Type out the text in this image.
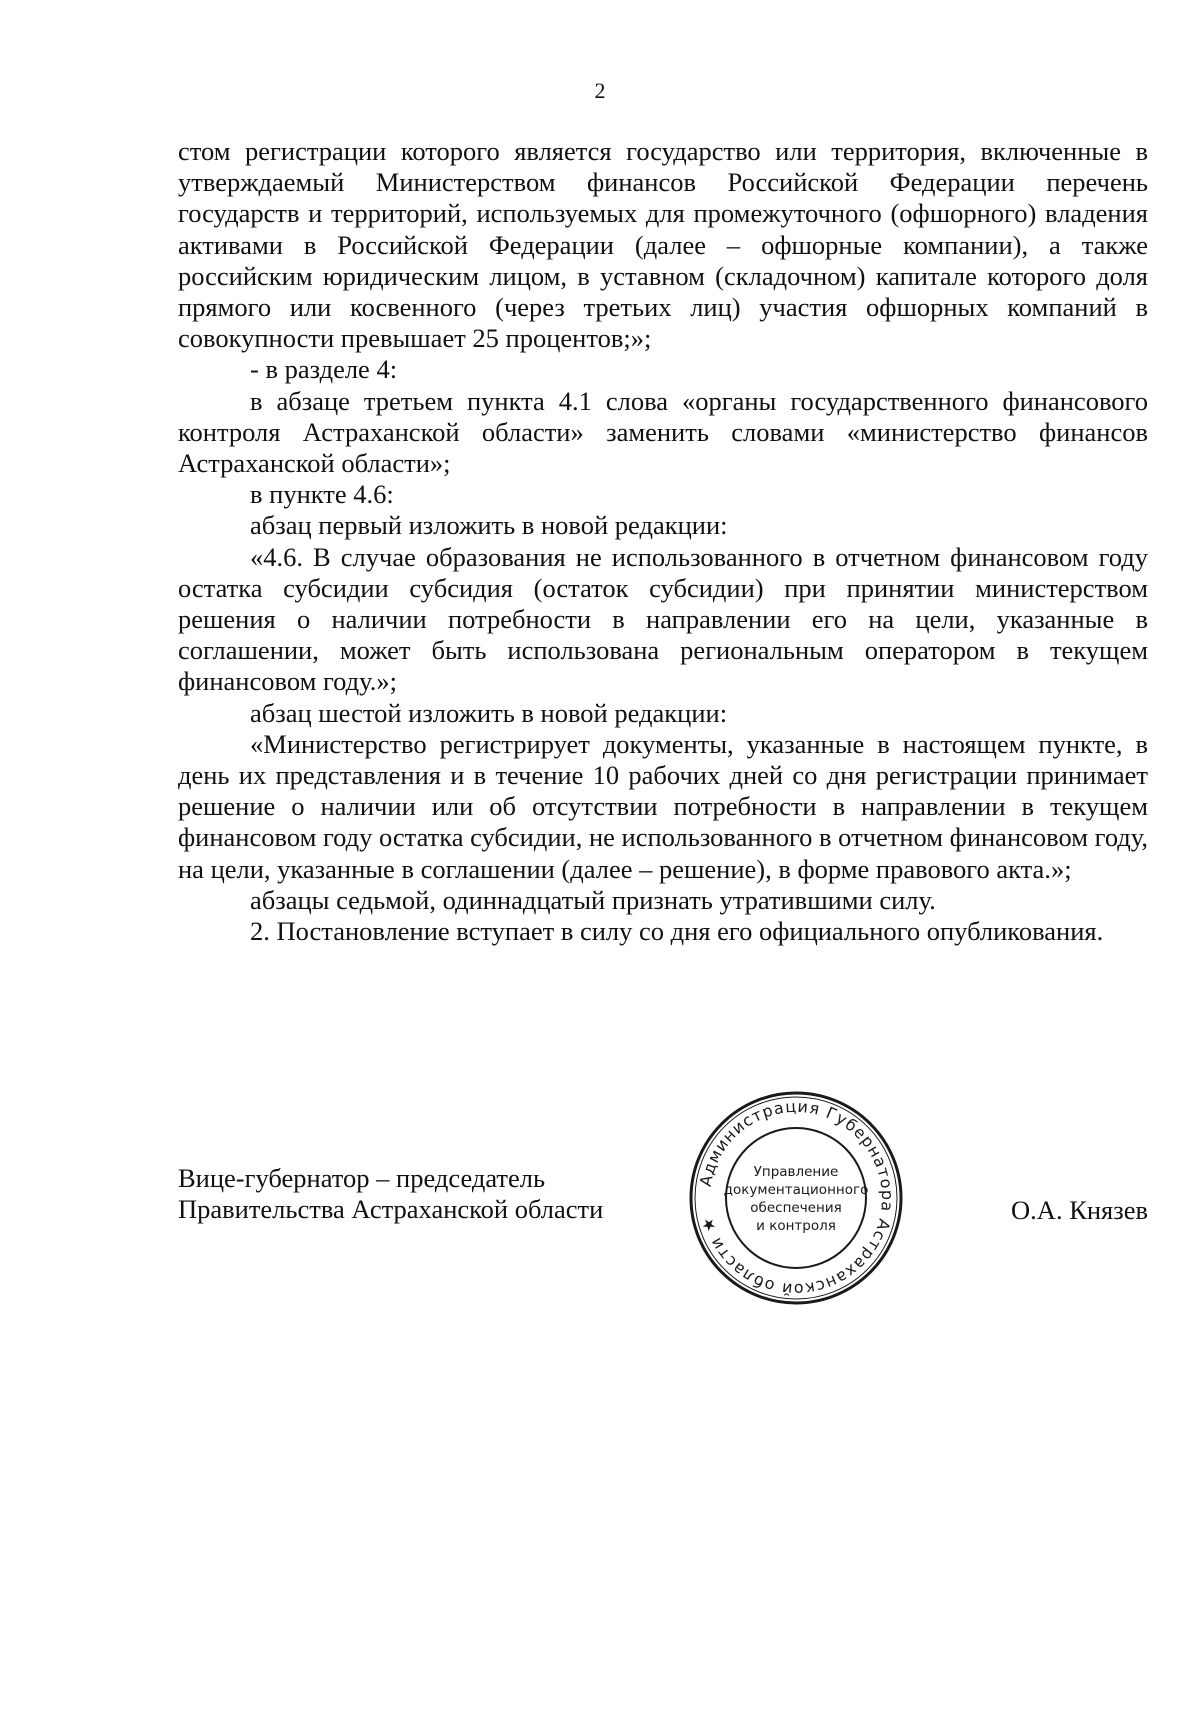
2

стом регистрации которого является государство или территория, включенные в утверждаемый Министерством финансов Российской Федерации перечень государств и территорий, используемых для промежуточного (офшорного) владения активами в Российской Федерации (далее – офшорные компании), а также российским юридическим лицом, в уставном (складочном) капитале которого доля прямого или косвенного (через третьих лиц) участия офшорных компаний в совокупности превышает 25 процентов;»;

- в разделе 4:

в абзаце третьем пункта 4.1 слова «органы государственного финансового контроля Астраханской области» заменить словами «министерство финансов Астраханской области»;

в пункте 4.6:

абзац первый изложить в новой редакции:

«4.6. В случае образования не использованного в отчетном финансовом году остатка субсидии субсидия (остаток субсидии) при принятии министерством решения о наличии потребности в направлении его на цели, указанные в соглашении, может быть использована региональным оператором в текущем финансовом году.»;

абзац шестой изложить в новой редакции:

«Министерство регистрирует документы, указанные в настоящем пункте, в день их представления и в течение 10 рабочих дней со дня регистрации принимает решение о наличии или об отсутствии потребности в направлении в текущем финансовом году остатка субсидии, не использованного в отчетном финансовом году, на цели, указанные в соглашении (далее – решение), в форме правового акта.»;

абзацы седьмой, одиннадцатый признать утратившими силу.

2. Постановление вступает в силу со дня его официального опубликования.

Вице-губернатор – председатель
Правительства Астраханской области
Администрация Губернатора Астраханской области ★
Управление
документационного
обеспечения
и контроля
О.А. Князев
